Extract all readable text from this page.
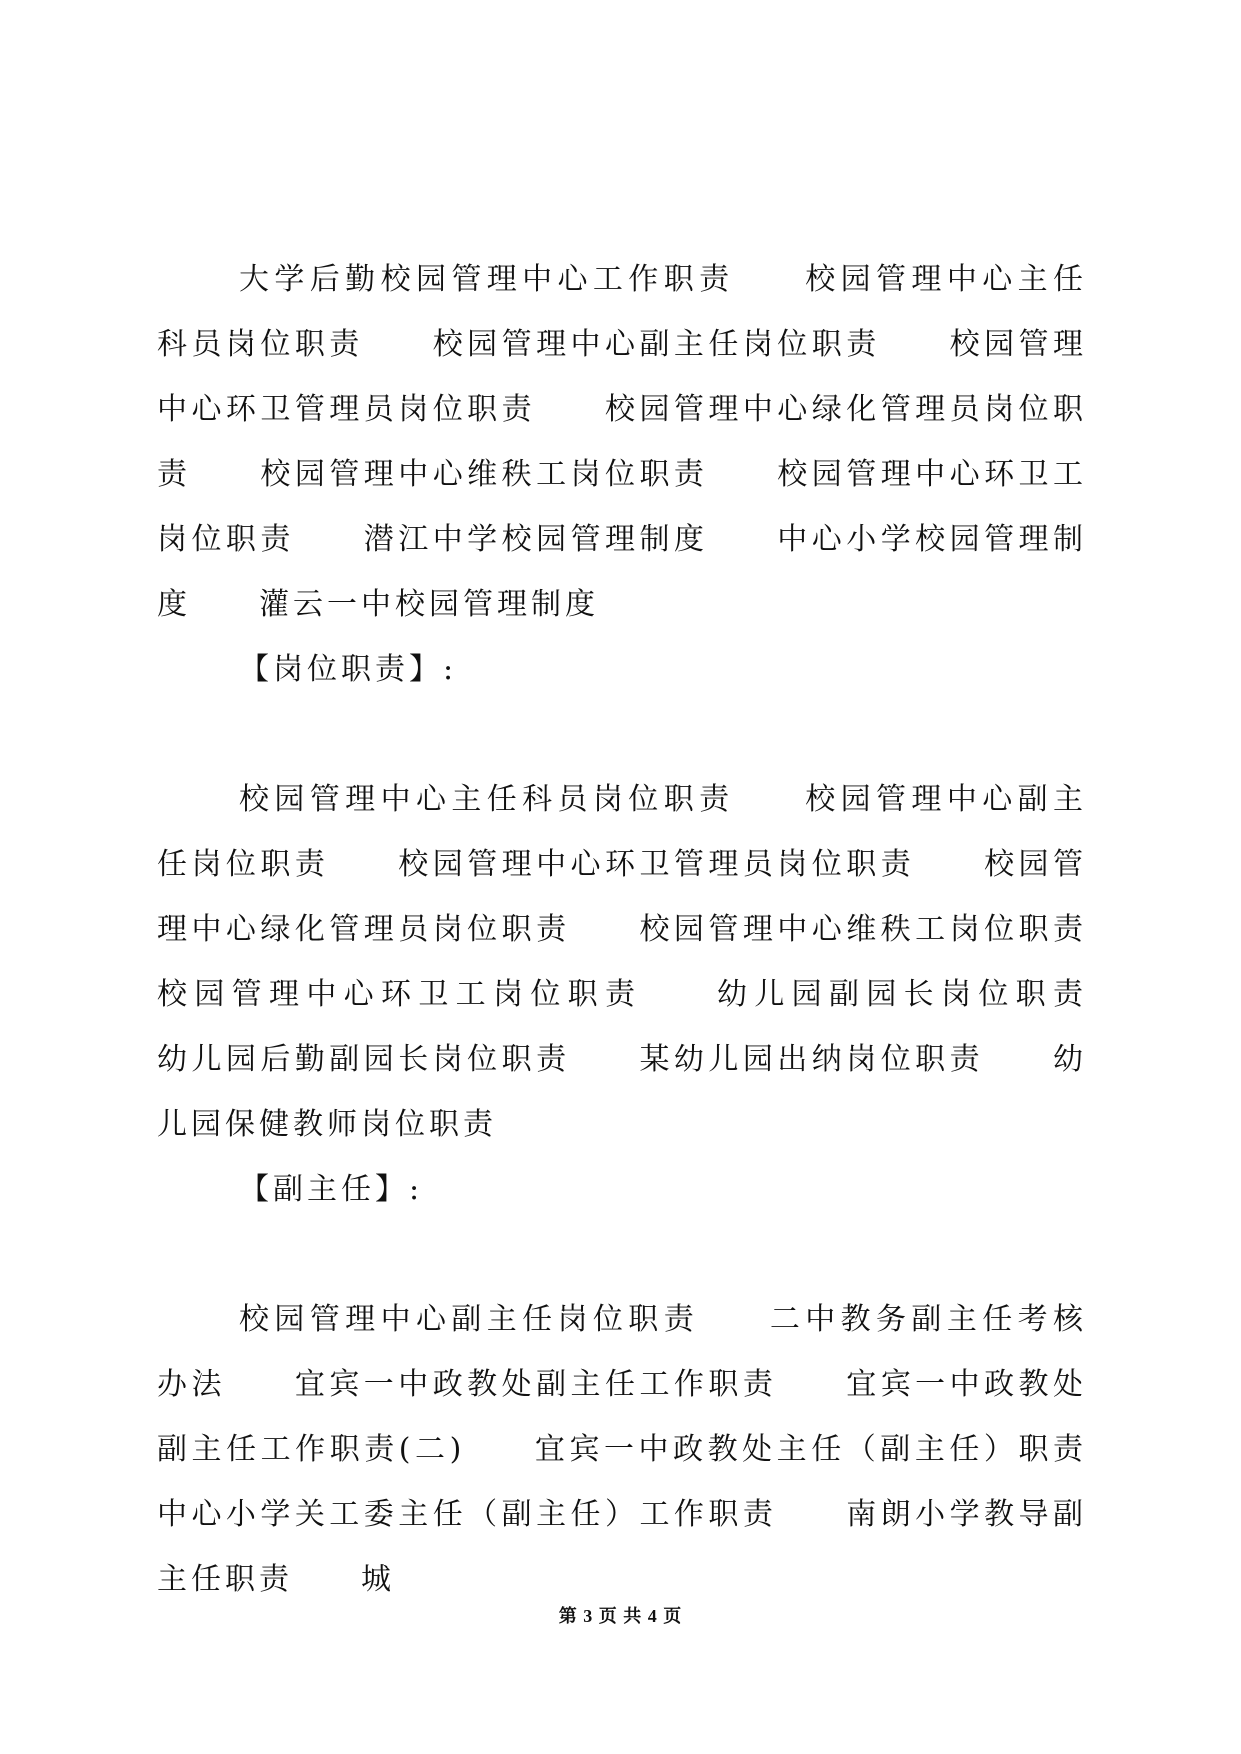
大学后勤校园管理中心工作职责　　校园管理中心主任科员岗位职责　　校园管理中心副主任岗位职责　　校园管理中心环卫管理员岗位职责　　校园管理中心绿化管理员岗位职责　　校园管理中心维秩工岗位职责　　校园管理中心环卫工岗位职责　　潜江中学校园管理制度　　中心小学校园管理制度　　灌云一中校园管理制度

【岗位职责】:

校园管理中心主任科员岗位职责　　校园管理中心副主任岗位职责　　校园管理中心环卫管理员岗位职责　　校园管理中心绿化管理员岗位职责　　校园管理中心维秩工岗位职责　　校园管理中心环卫工岗位职责　　幼儿园副园长岗位职责　　幼儿园后勤副园长岗位职责　　某幼儿园出纳岗位职责　　幼儿园保健教师岗位职责

【副主任】:

校园管理中心副主任岗位职责　　二中教务副主任考核办法　　宜宾一中政教处副主任工作职责　　宜宾一中政教处副主任工作职责(二)　　宜宾一中政教处主任（副主任）职责　　中心小学关工委主任（副主任）工作职责　　南朗小学教导副主任职责　　城

第 3 页 共 4 页
